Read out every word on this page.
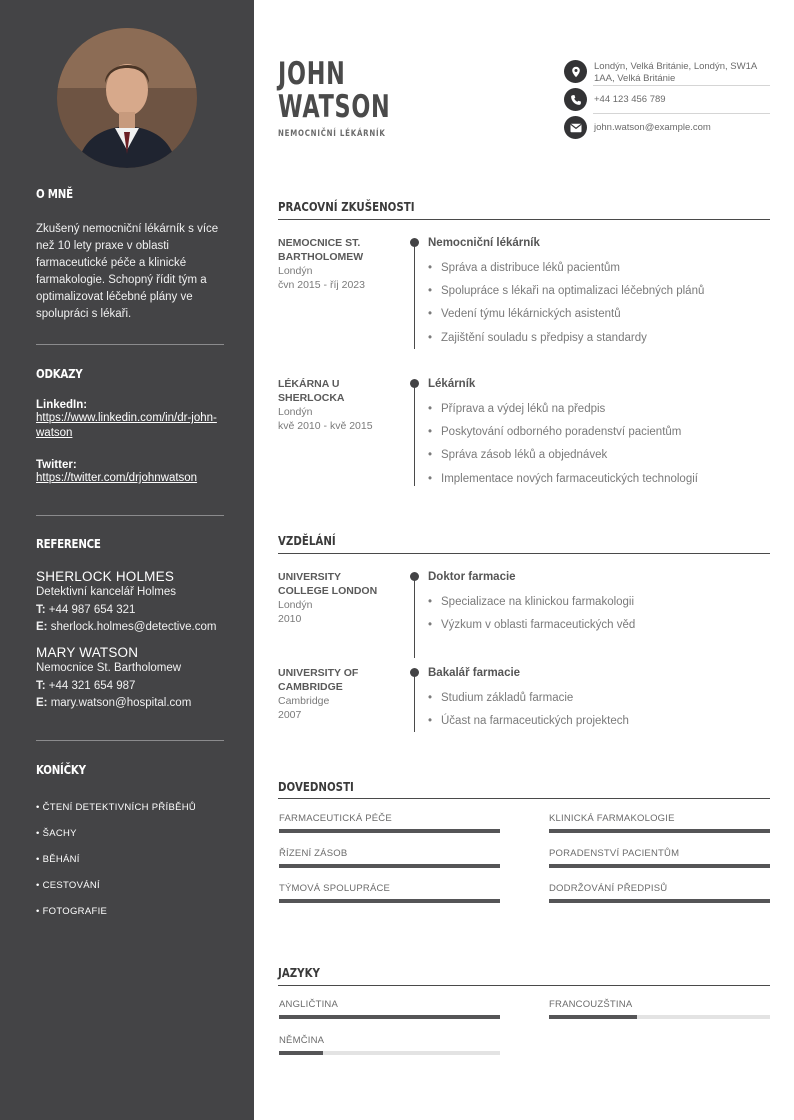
O MNĚ

Zkušený nemocniční lékárník s více než 10 lety praxe v oblasti farmaceutické péče a klinické farmakologie. Schopný řídit tým a optimalizovat léčebné plány ve spolupráci s lékaři.

ODKAZY
LinkedIn:
https://www.linkedin.com/in/dr-john-watson
Twitter:
https://twitter.com/drjohnwatson
REFERENCE
SHERLOCK HOLMES
Detektivní kancelář Holmes
T: +44 987 654 321
E: sherlock.holmes@detective.com
MARY WATSON
Nemocnice St. Bartholomew
T: +44 321 654 987
E: mary.watson@hospital.com
KONÍČKY
• ČTENÍ DETEKTIVNÍCH PŘÍBĚHŮ
• ŠACHY
• BĚHÁNÍ
• CESTOVÁNÍ
• FOTOGRAFIE
JOHN
WATSON
NEMOCNIČNÍ LÉKÁRNÍK
Londýn, Velká Británie, Londýn, SW1A 1AA, Velká Británie
+44 123 456 789
john.watson@example.com
PRACOVNÍ ZKUŠENOSTI
NEMOCNICE ST. BARTHOLOMEW
Londýn
čvn 2015 - říj 2023
Nemocniční lékárník
• Správa a distribuce léků pacientům
• Spolupráce s lékaři na optimalizaci léčebných plánů
• Vedení týmu lékárnických asistentů
• Zajištění souladu s předpisy a standardy
LÉKÁRNA U SHERLOCKA
Londýn
kvě 2010 - kvě 2015
Lékárník
• Příprava a výdej léků na předpis
• Poskytování odborného poradenství pacientům
• Správa zásob léků a objednávek
• Implementace nových farmaceutických technologií
VZDĚLÁNÍ
UNIVERSITY COLLEGE LONDON
Londýn
2010
Doktor farmacie
• Specializace na klinickou farmakologii
• Výzkum v oblasti farmaceutických věd
UNIVERSITY OF CAMBRIDGE
Cambridge
2007
Bakalář farmacie
• Studium základů farmacie
• Účast na farmaceutických projektech
DOVEDNOSTI
FARMACEUTICKÁ PÉČE	KLINICKÁ FARMAKOLOGIE
ŘÍZENÍ ZÁSOB	PORADENSTVÍ PACIENTŮM
TÝMOVÁ SPOLUPRÁCE	DODRŽOVÁNÍ PŘEDPISŮ
JAZYKY
ANGLIČTINA	FRANCOUZŠTINA
NĚMČINA
